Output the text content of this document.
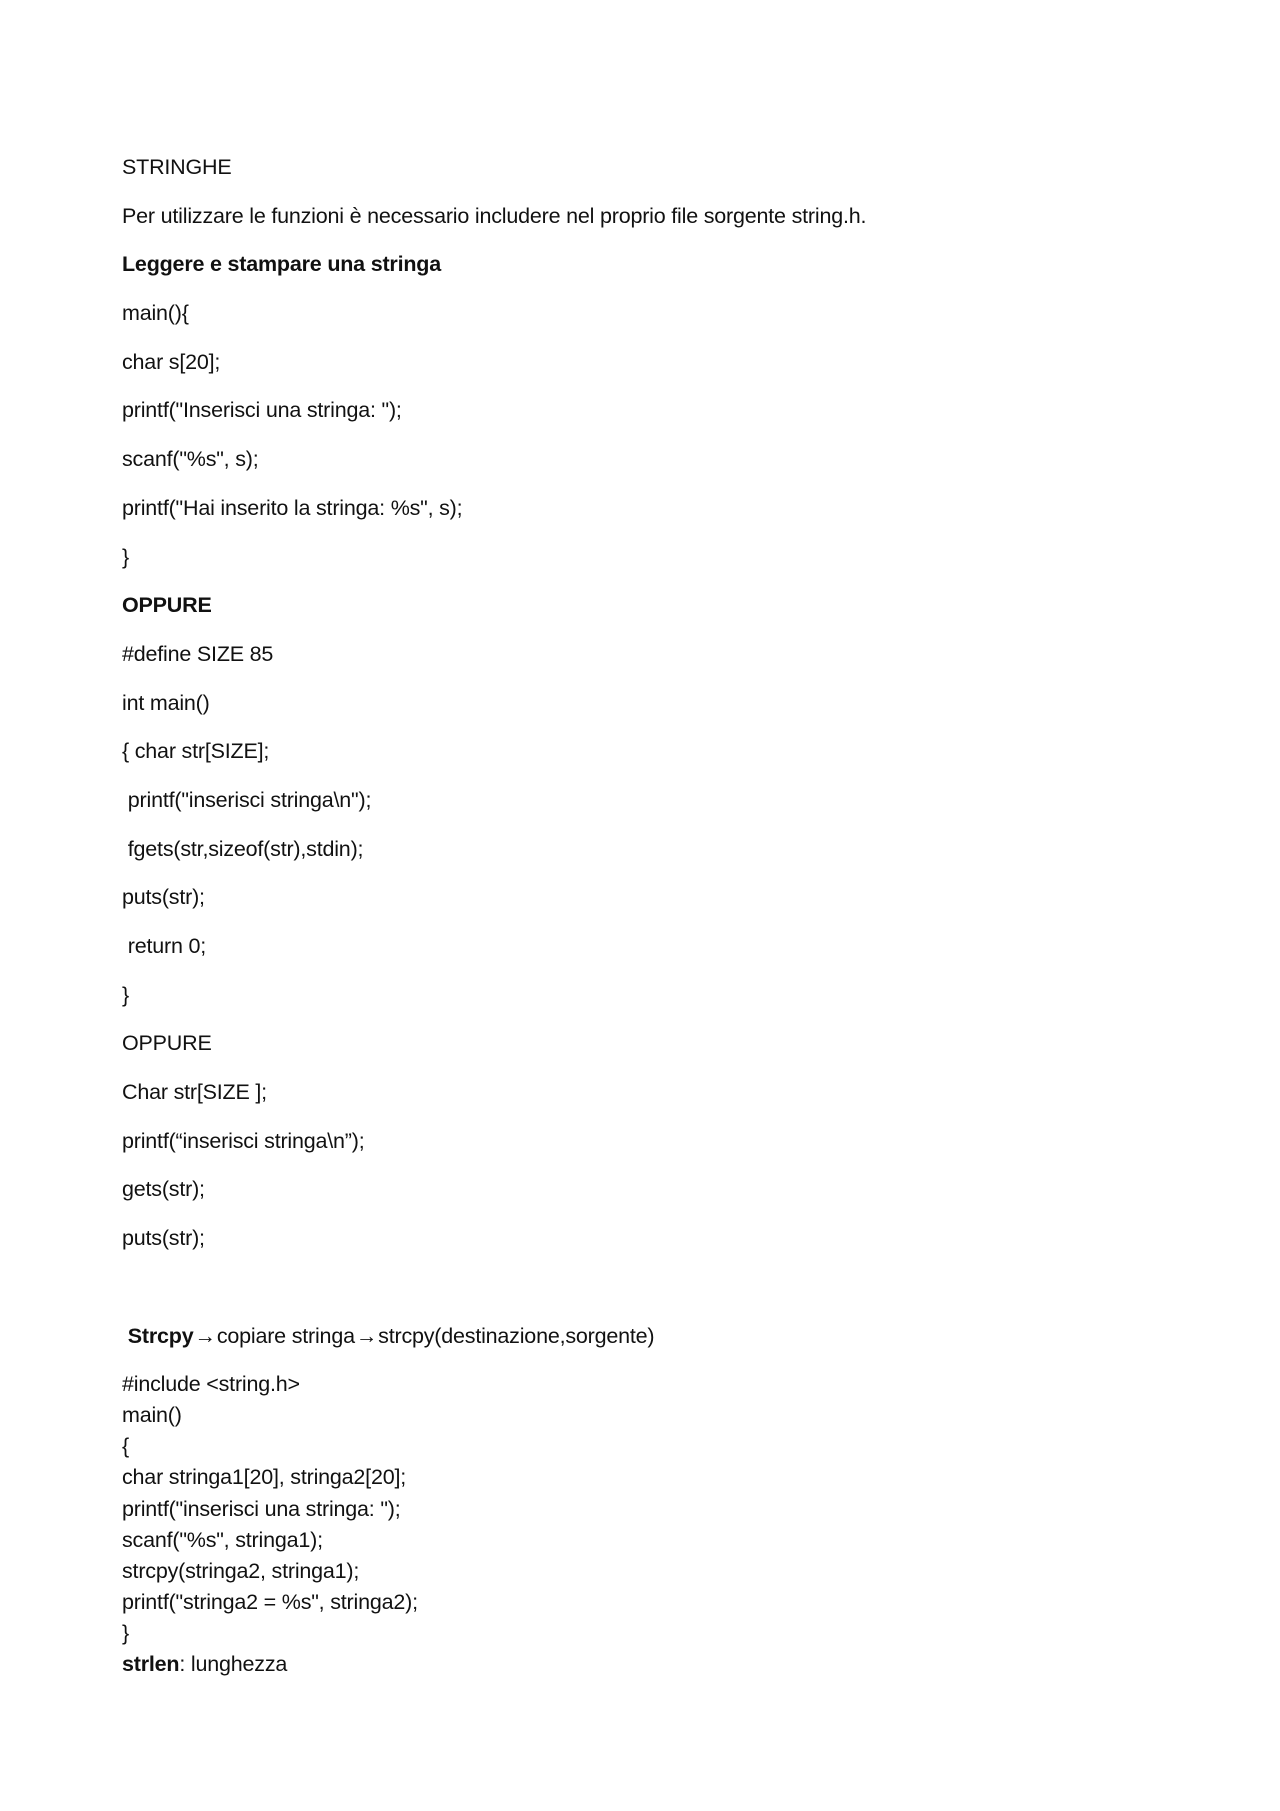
STRINGHE
Per utilizzare le funzioni è necessario includere nel proprio file sorgente string.h.
Leggere e stampare una stringa
main(){
char s[20];
printf("Inserisci una stringa: ");
scanf("%s", s);
printf("Hai inserito la stringa: %s", s);
}
OPPURE
#define SIZE 85
int main()
{ char str[SIZE];
printf("inserisci stringa\n");
fgets(str,sizeof(str),stdin);
puts(str);
return 0;
}
OPPURE
Char str[SIZE ];
printf(“inserisci stringa\n”);
gets(str);
puts(str);
Strcpy→copiare stringa→strcpy(destinazione,sorgente)
#include <string.h>
main()
{
char stringa1[20], stringa2[20];
printf("inserisci una stringa: ");
scanf("%s", stringa1);
strcpy(stringa2, stringa1);
printf("stringa2 = %s", stringa2);
}
strlen: lunghezza
